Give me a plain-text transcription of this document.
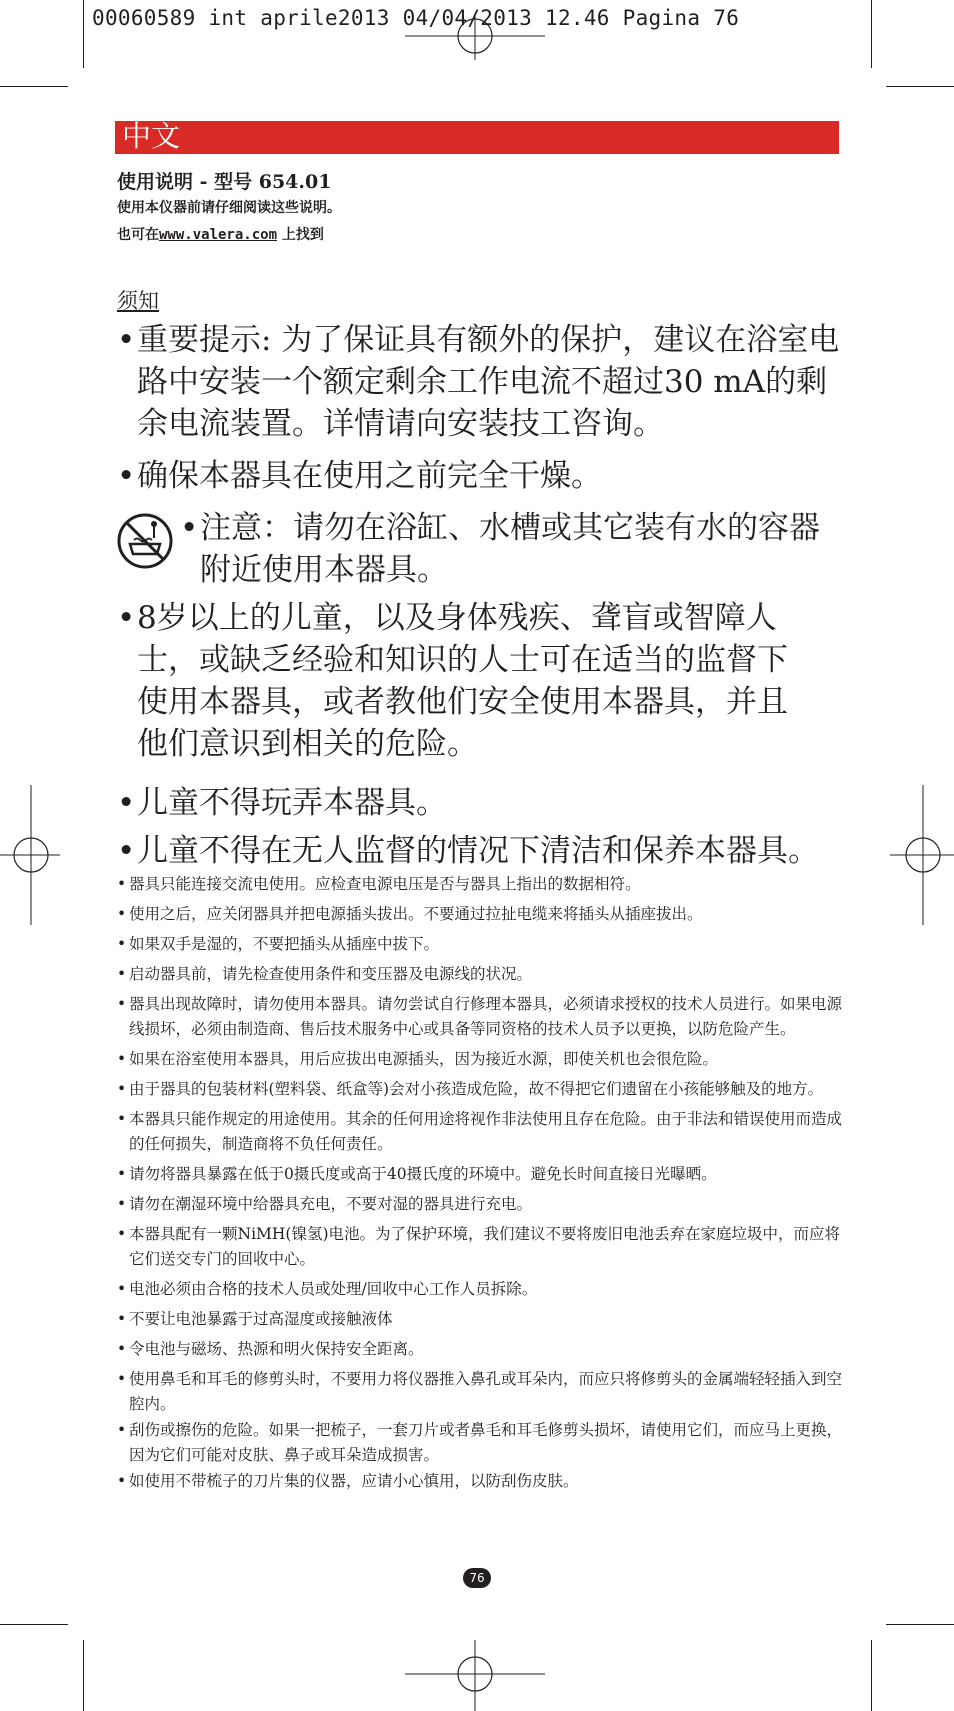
00060589 int aprile2013 04/04/2013 12.46 Pagina 76
中文
使用说明 - 型号 654.01
使用本仪器前请仔细阅读这些说明。
也可在www.valera.com 上找到
须知
• 重要提示: 为了保证具有额外的保护，建议在浴室电路中安装一个额定剩余工作电流不超过30 mA的剩余电流装置。详情请向安装技工咨询。
• 确保本器具在使用之前完全干燥。
• 注意：请勿在浴缸、水槽或其它装有水的容器附近使用本器具。
• 8岁以上的儿童，以及身体残疾、聋盲或智障人士，或缺乏经验和知识的人士可在适当的监督下使用本器具，或者教他们安全使用本器具，并且他们意识到相关的危险。
• 儿童不得玩弄本器具。
• 儿童不得在无人监督的情况下清洁和保养本器具。
• 器具只能连接交流电使用。应检查电源电压是否与器具上指出的数据相符。
• 使用之后，应关闭器具并把电源插头拔出。不要通过拉扯电缆来将插头从插座拔出。
• 如果双手是湿的，不要把插头从插座中拔下。
• 启动器具前，请先检查使用条件和变压器及电源线的状况。
• 器具出现故障时，请勿使用本器具。请勿尝试自行修理本器具，必须请求授权的技术人员进行。如果电源线损坏，必须由制造商、售后技术服务中心或具备等同资格的技术人员予以更换，以防危险产生。
• 如果在浴室使用本器具，用后应拔出电源插头，因为接近水源，即使关机也会很危险。
• 由于器具的包装材料(塑料袋、纸盒等)会对小孩造成危险，故不得把它们遗留在小孩能够触及的地方。
• 本器具只能作规定的用途使用。其余的任何用途将视作非法使用且存在危险。由于非法和错误使用而造成的任何损失，制造商将不负任何责任。
• 请勿将器具暴露在低于0摄氏度或高于40摄氏度的环境中。避免长时间直接日光曝晒。
• 请勿在潮湿环境中给器具充电，不要对湿的器具进行充电。
• 本器具配有一颗NiMH(镍氢)电池。为了保护环境，我们建议不要将废旧电池丢弃在家庭垃圾中，而应将它们送交专门的回收中心。
• 电池必须由合格的技术人员或处理/回收中心工作人员拆除。
• 不要让电池暴露于过高湿度或接触液体
• 令电池与磁场、热源和明火保持安全距离。
• 使用鼻毛和耳毛的修剪头时，不要用力将仪器推入鼻孔或耳朵内，而应只将修剪头的金属端轻轻插入到空腔内。
• 刮伤或擦伤的危险。如果一把梳子，一套刀片或者鼻毛和耳毛修剪头损坏，请使用它们，而应马上更换，因为它们可能对皮肤、鼻子或耳朵造成损害。
• 如使用不带梳子的刀片集的仪器，应请小心慎用，以防刮伤皮肤。
76
